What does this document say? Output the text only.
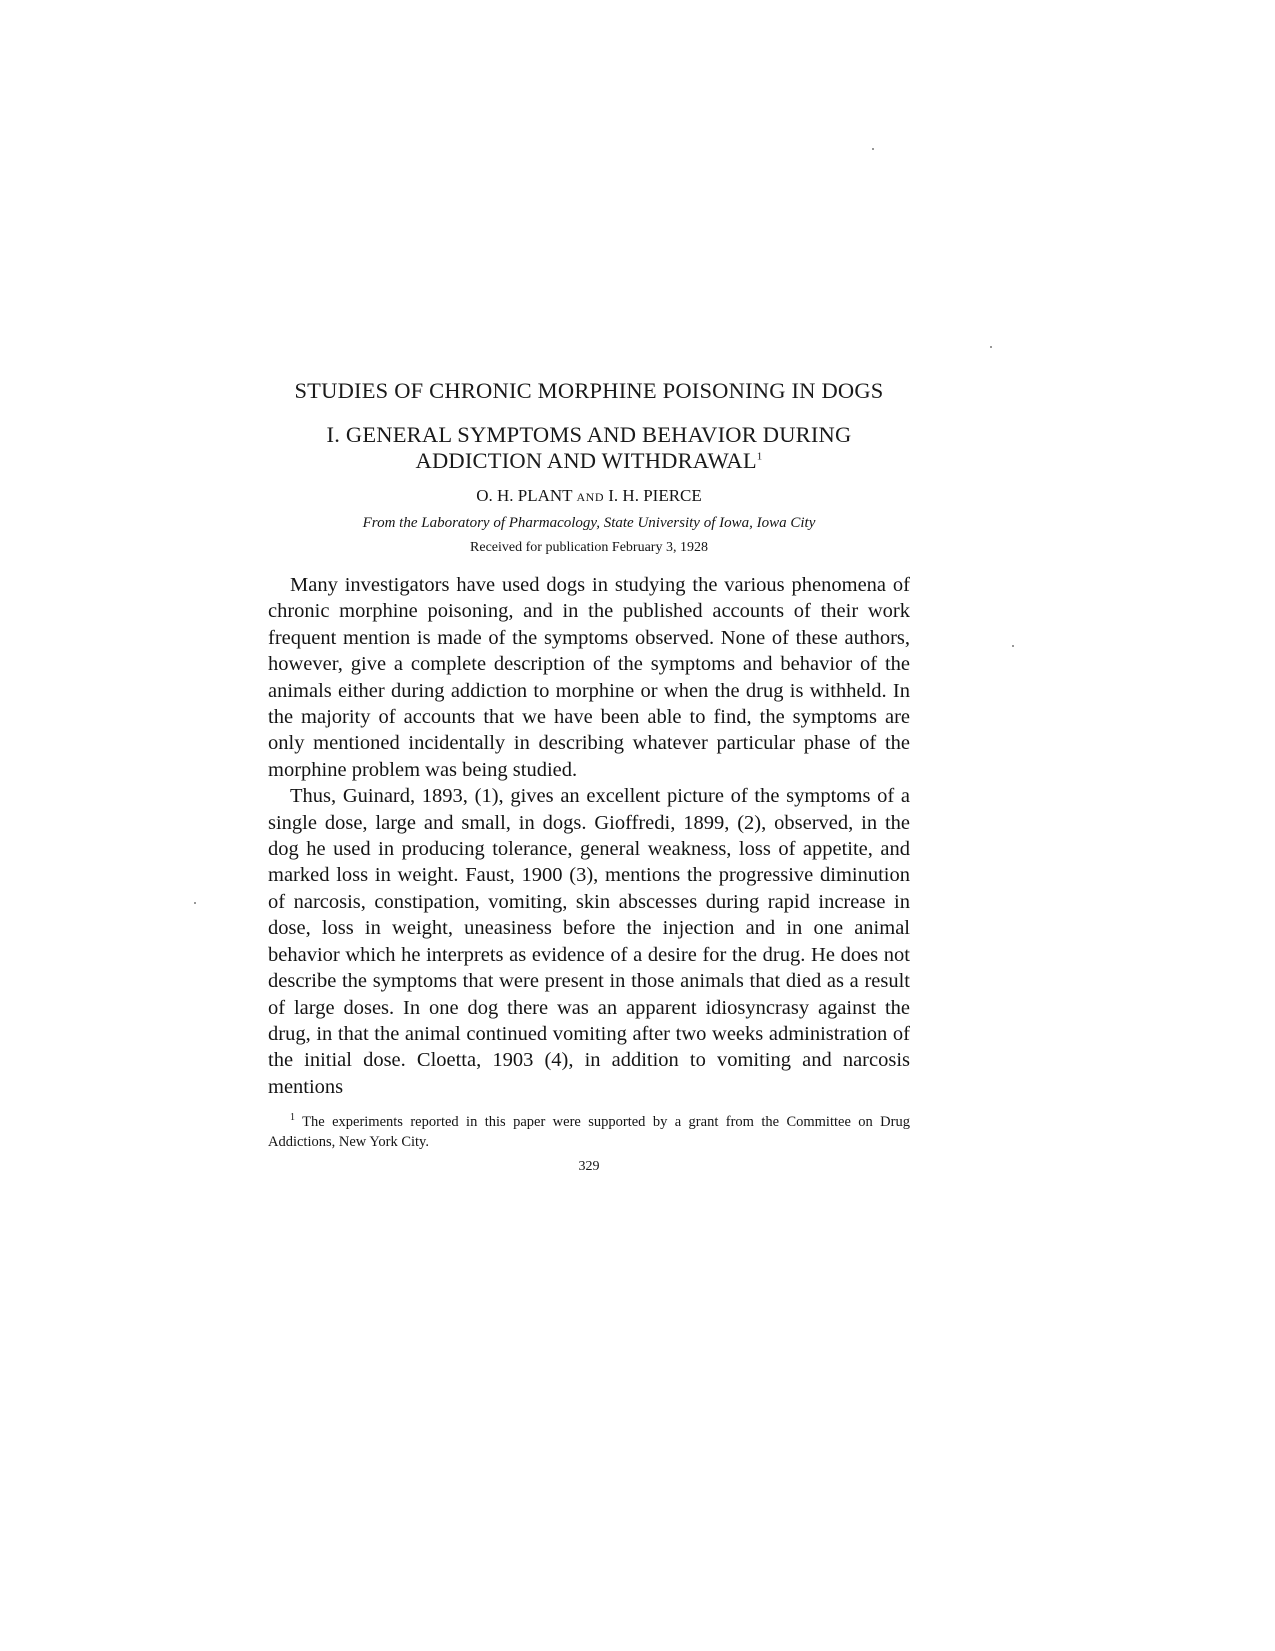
STUDIES OF CHRONIC MORPHINE POISONING IN DOGS
I. GENERAL SYMPTOMS AND BEHAVIOR DURING ADDICTION AND WITHDRAWAL$^1$
O. H. PLANT AND I. H. PIERCE
From the Laboratory of Pharmacology, State University of Iowa, Iowa City
Received for publication February 3, 1928

Many investigators have used dogs in studying the various phenomena of chronic morphine poisoning, and in the published accounts of their work frequent mention is made of the symptoms observed. None of these authors, however, give a complete description of the symptoms and behavior of the animals either during addiction to morphine or when the drug is withheld. In the majority of accounts that we have been able to find, the symptoms are only mentioned incidentally in describing whatever particular phase of the morphine problem was being studied.

Thus, Guinard, 1893, (1), gives an excellent picture of the symptoms of a single dose, large and small, in dogs. Gioffredi, 1899, (2), observed, in the dog he used in producing tolerance, general weakness, loss of appetite, and marked loss in weight. Faust, 1900 (3), mentions the progressive diminution of narcosis, constipation, vomiting, skin abscesses during rapid increase in dose, loss in weight, uneasiness before the injection and in one animal behavior which he interprets as evidence of a desire for the drug. He does not describe the symptoms that were present in those animals that died as a result of large doses. In one dog there was an apparent idiosyncrasy against the drug, in that the animal continued vomiting after two weeks administration of the initial dose. Cloetta, 1903 (4), in addition to vomiting and narcosis mentions

$^1$ The experiments reported in this paper were supported by a grant from the Committee on Drug Addictions, New York City.

329
